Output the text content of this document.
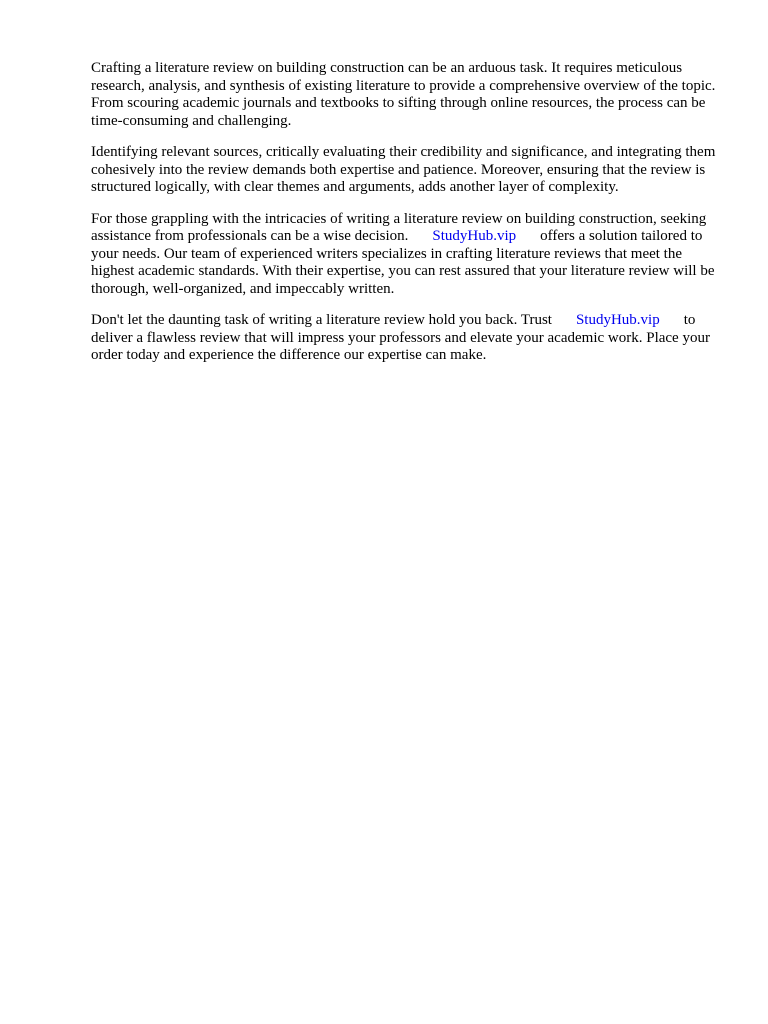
Crafting a literature review on building construction can be an arduous task. It requires meticulous research, analysis, and synthesis of existing literature to provide a comprehensive overview of the topic. From scouring academic journals and textbooks to sifting through online resources, the process can be time-consuming and challenging.

Identifying relevant sources, critically evaluating their credibility and significance, and integrating them cohesively into the review demands both expertise and patience. Moreover, ensuring that the review is structured logically, with clear themes and arguments, adds another layer of complexity.

For those grappling with the intricacies of writing a literature review on building construction, seeking assistance from professionals can be a wise decision. StudyHub.vip offers a solution tailored to your needs. Our team of experienced writers specializes in crafting literature reviews that meet the highest academic standards. With their expertise, you can rest assured that your literature review will be thorough, well-organized, and impeccably written.

Don't let the daunting task of writing a literature review hold you back. Trust StudyHub.vip to deliver a flawless review that will impress your professors and elevate your academic work. Place your order today and experience the difference our expertise can make.
